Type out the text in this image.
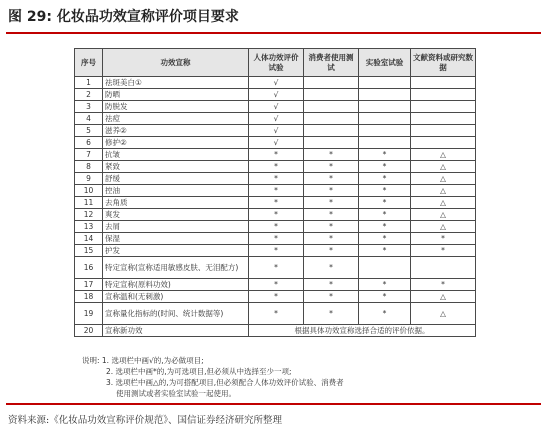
图 29: 化妆品功效宣称评价项目要求
序号	功效宣称	人体功效评价试验	消费者使用测试	实验室试验	文献资料或研究数据
1	祛斑美白①	√			
2	防晒	√			
3	防脱发	√			
4	祛痘	√			
5	滋养②	√			
6	修护②	√			
7	抗皱	*	*	*	△
8	紧致	*	*	*	△
9	舒缓	*	*	*	△
10	控油	*	*	*	△
11	去角质	*	*	*	△
12	爽发	*	*	*	△
13	去屑	*	*	*	△
14	保湿	*	*	*	*
15	护发	*	*	*	*
16	特定宣称(宣称适用敏感皮肤、无泪配方)	*	*		
17	特定宣称(原料功效)	*	*	*	*
18	宣称温和(无刺激)	*	*	*	△
19	宣称量化指标的(时间、统计数据等)	*	*	*	△
20	宣称新功效	根据具体功效宣称选择合适的评价依据。			
说明: 1. 选项栏中画√的,为必做项目;
2. 选项栏中画*的,为可选项目,但必须从中选择至少一项;
3. 选项栏中画△的,为可搭配项目,但必须配合人体功效评价试验、消费者
使用测试或者实验室试验一起使用。
资料来源:《化妆品功效宣称评价规范》、国信证券经济研究所整理
